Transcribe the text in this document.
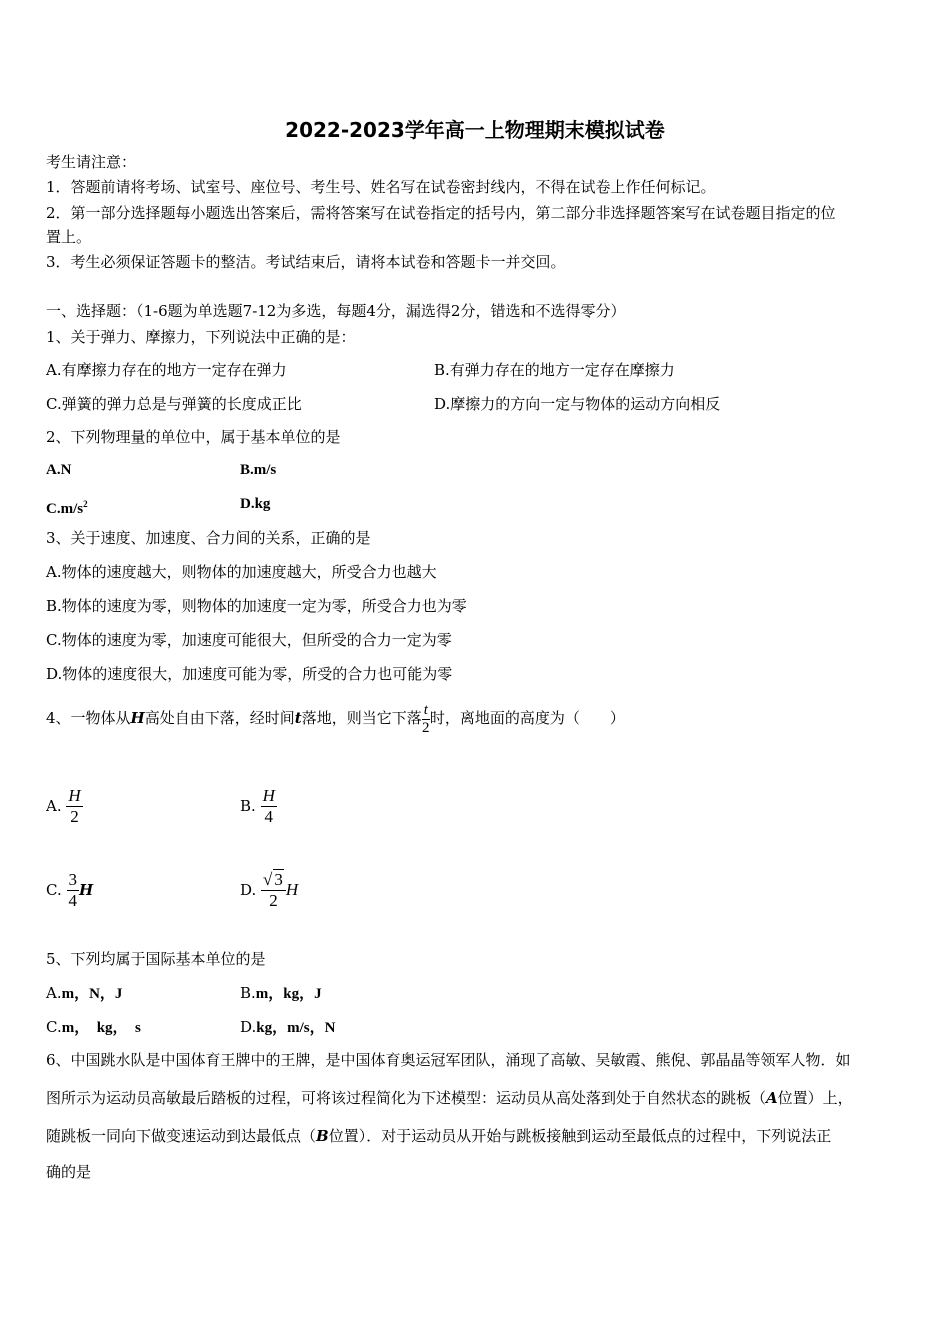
2022-2023学年高一上物理期末模拟试卷
考生请注意：
1．答题前请将考场、试室号、座位号、考生号、姓名写在试卷密封线内，不得在试卷上作任何标记。
2．第一部分选择题每小题选出答案后，需将答案写在试卷指定的括号内，第二部分非选择题答案写在试卷题目指定的位
置上。
3．考生必须保证答题卡的整洁。考试结束后，请将本试卷和答题卡一并交回。
一、选择题：（1-6题为单选题7-12为多选，每题4分，漏选得2分，错选和不选得零分）
1、关于弹力、摩擦力，下列说法中正确的是：
A.有摩擦力存在的地方一定存在弹力	B.有弹力存在的地方一定存在摩擦力
C.弹簧的弹力总是与弹簧的长度成正比	D.摩擦力的方向一定与物体的运动方向相反
2、下列物理量的单位中，属于基本单位的是
A.N	B.m/s
$C.m/s^2$	D.kg
3、关于速度、加速度、合力间的关系，正确的是
A.物体的速度越大，则物体的加速度越大，所受合力也越大
B.物体的速度为零，则物体的加速度一定为零，所受合力也为零
C.物体的速度为零，加速度可能很大，但所受的合力一定为零
D.物体的速度很大，加速度可能为零，所受的合力也可能为零
4、一物体从H高处自由下落，经时间t落地，则当它下落 $\frac{t}{2}$ 时，离地面的高度为（　　）
A. $\frac{H}{2}$	B. $\frac{H}{4}$
C. $\frac{3}{4}$ H	D. $\frac{√ 3}{2}$ H
5、下列均属于国际基本单位的是
A.m，N，J	B.m，kg，J
C.m，  kg，  s	D.kg，m/s，N
6、中国跳水队是中国体育王牌中的王牌，是中国体育奥运冠军团队，涌现了高敏、吴敏霞、熊倪、郭晶晶等领军人物．如
图所示为运动员高敏最后踏板的过程，可将该过程简化为下述模型：运动员从高处落到处于自然状态的跳板（A位置）上，
随跳板一同向下做变速运动到达最低点（B位置）．对于运动员从开始与跳板接触到运动至最低点的过程中，下列说法正
确的是
